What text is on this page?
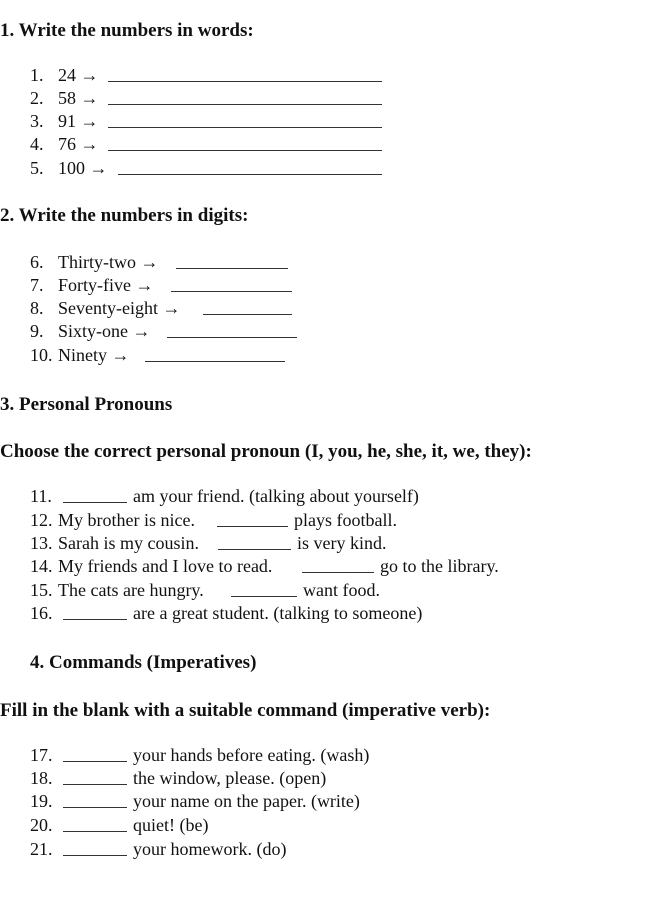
1. Write the numbers in words:
1. 24 →
2. 58 →
3. 91 →
4. 76 →
5. 100 →
2. Write the numbers in digits:
6. Thirty-two →
7. Forty-five →
8. Seventy-eight →
9. Sixty-one →
10. Ninety →
3. Personal Pronouns
Choose the correct personal pronoun (I, you, he, she, it, we, they):
11.	am your friend. (talking about yourself)
12. My brother is nice.	plays football.
13. Sarah is my cousin.	is very kind.
14. My friends and I love to read.	go to the library.
15. The cats are hungry.	want food.
16.	are a great student. (talking to someone)
4. Commands (Imperatives)
Fill in the blank with a suitable command (imperative verb):
17.	your hands before eating. (wash)
18.	the window, please. (open)
19.	your name on the paper. (write)
20.	quiet! (be)
21.	your homework. (do)
